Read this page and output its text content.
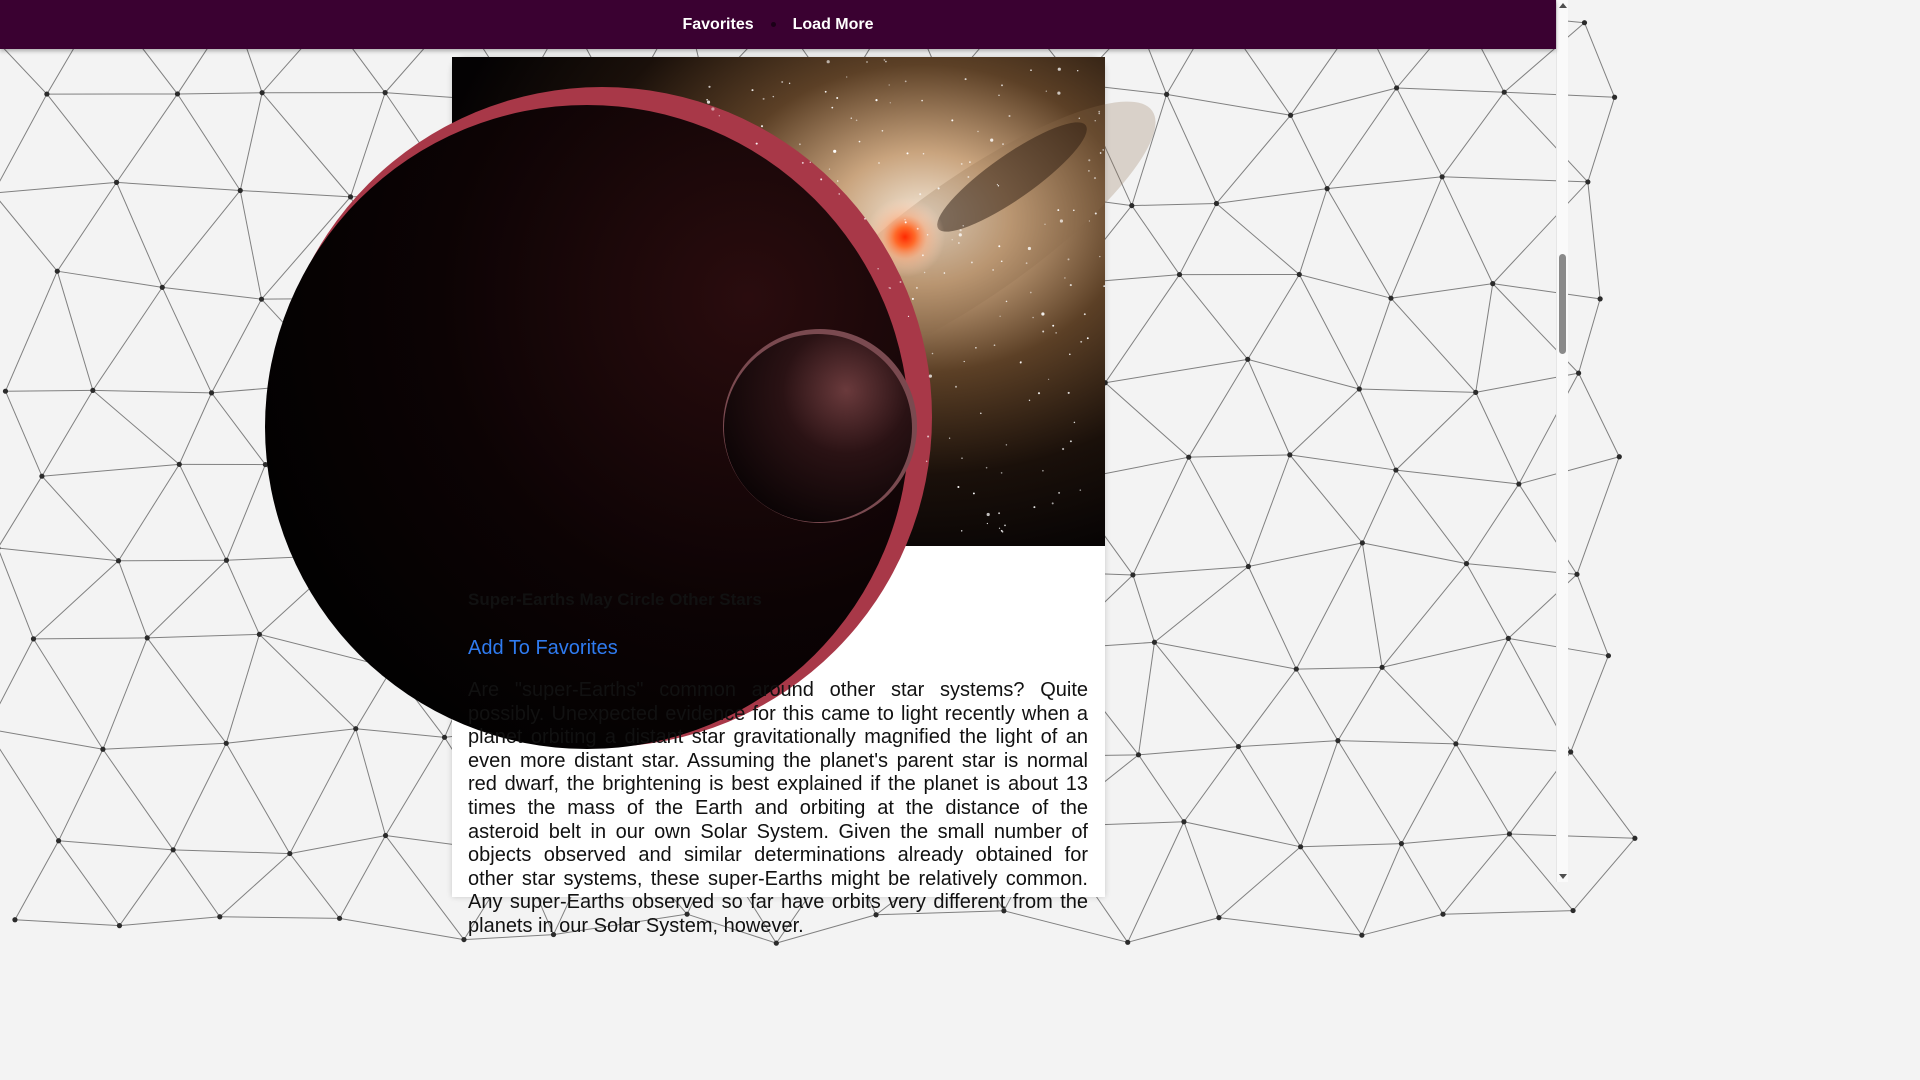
Favorites Load More

Super-Earths May Circle Other Stars

Add To Favorites

Are "super-Earths" common around other star systems? Quite possibly. Unexpected evidence for this came to light recently when a planet orbiting a distant star gravitationally magnified the light of an even more distant star. Assuming the planet's parent star is normal red dwarf, the brightening is best explained if the planet is about 13 times the mass of the Earth and orbiting at the distance of the asteroid belt in our own Solar System. Given the small number of objects observed and similar determinations already obtained for other star systems, these super-Earths might be relatively common. Any super-Earths observed so far have orbits very different from the planets in our Solar System, however.
